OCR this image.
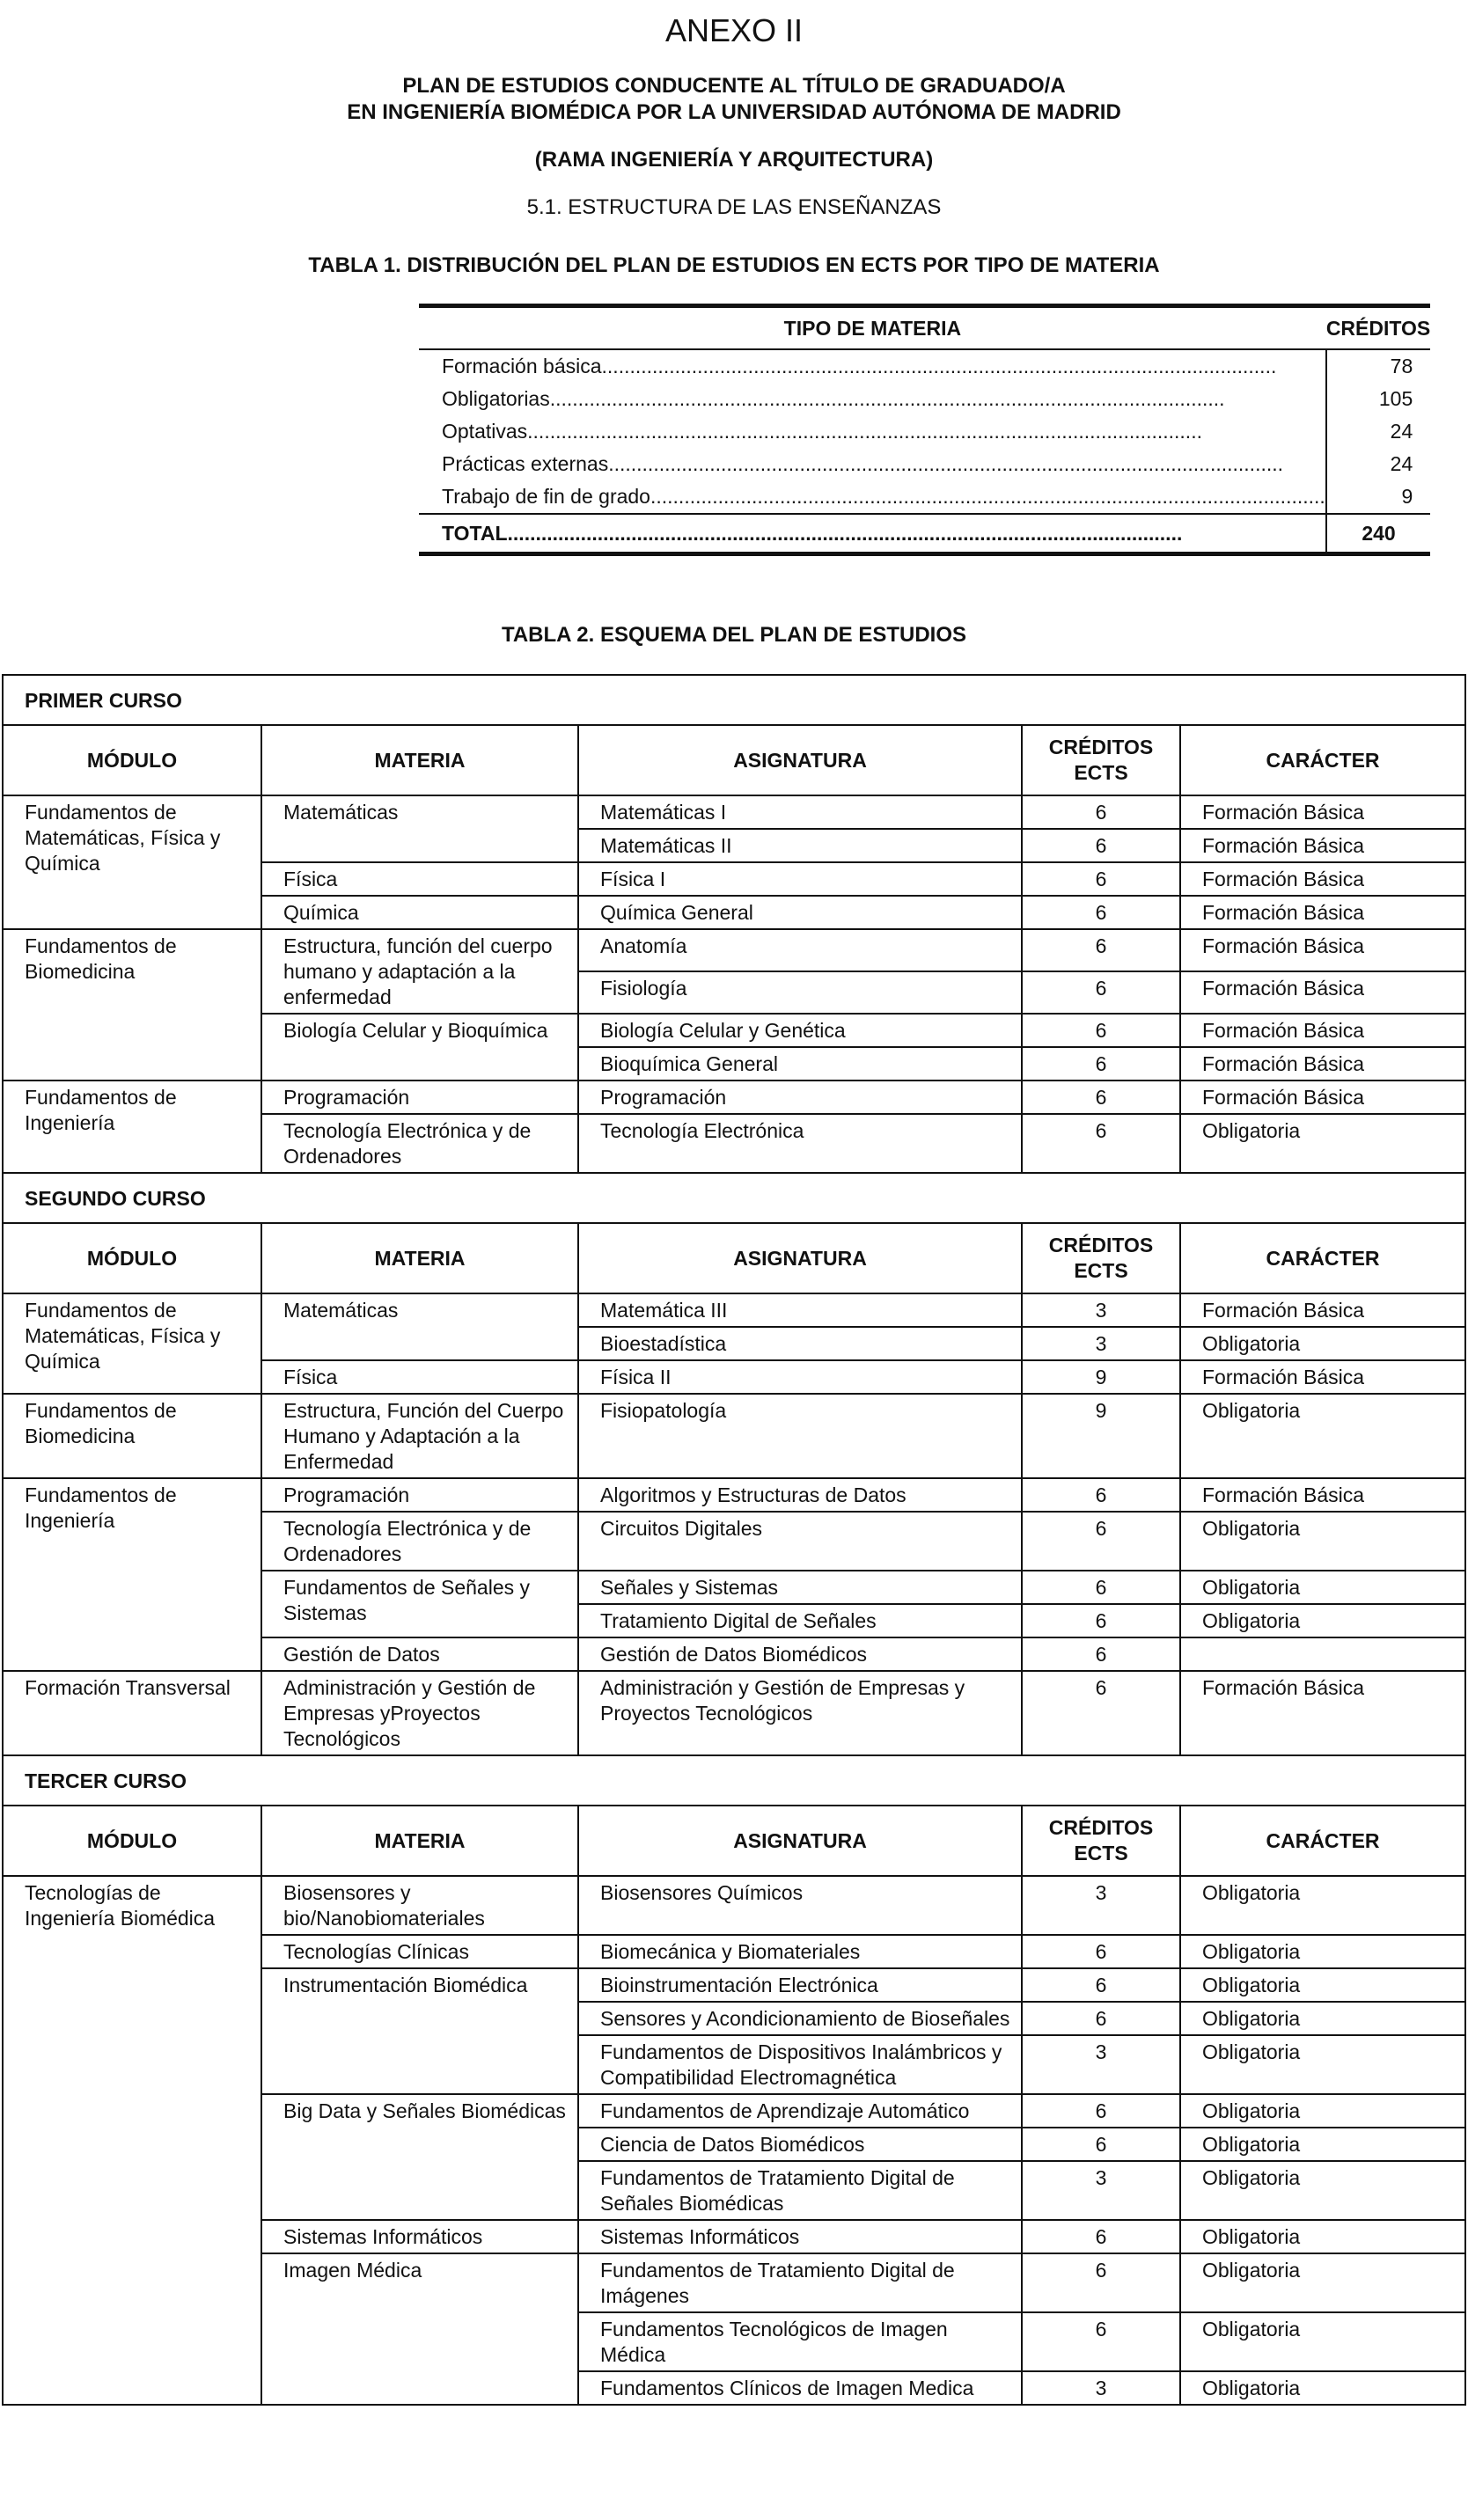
ANEXO II
PLAN DE ESTUDIOS CONDUCENTE AL TÍTULO DE GRADUADO/A
EN INGENIERÍA BIOMÉDICA POR LA UNIVERSIDAD AUTÓNOMA DE MADRID
(RAMA INGENIERÍA Y ARQUITECTURA)
5.1. ESTRUCTURA DE LAS ENSEÑANZAS
TABLA 1. DISTRIBUCIÓN DEL PLAN DE ESTUDIOS EN ECTS POR TIPO DE MATERIA
TIPO DE MATERIA	CRÉDITOS
Formación básica .....	78
Obligatorias .....	105
Optativas .....	24
Prácticas externas .....	24
Trabajo de fin de grado .....	9
TOTAL .....	240
TABLA 2. ESQUEMA DEL PLAN DE ESTUDIOS
PRIMER CURSO				
MÓDULO	MATERIA	ASIGNATURA	CRÉDITOS ECTS	CARÁCTER
Fundamentos de Matemáticas, Física y Química	Matemáticas	Matemáticas I	6	Formación Básica
		Matemáticas II	6	Formación Básica
	Física	Física I	6	Formación Básica
	Química	Química General	6	Formación Básica
Fundamentos de Biomedicina	Estructura, función del cuerpo humano y adaptación a la enfermedad	Anatomía	6	Formación Básica
		Fisiología	6	Formación Básica
	Biología Celular y Bioquímica	Biología Celular y Genética	6	Formación Básica
		Bioquímica General	6	Formación Básica
Fundamentos de Ingeniería	Programación	Programación	6	Formación Básica
	Tecnología Electrónica y de Ordenadores	Tecnología Electrónica	6	Obligatoria
SEGUNDO CURSO				
MÓDULO	MATERIA	ASIGNATURA	CRÉDITOS ECTS	CARÁCTER
Fundamentos de Matemáticas, Física y Química	Matemáticas	Matemática III	3	Formación Básica
		Bioestadística	3	Obligatoria
	Física	Física II	9	Formación Básica
Fundamentos de Biomedicina	Estructura, Función del Cuerpo Humano y Adaptación a la Enfermedad	Fisiopatología	9	Obligatoria
Fundamentos de Ingeniería	Programación	Algoritmos y Estructuras de Datos	6	Formación Básica
	Tecnología Electrónica y de Ordenadores	Circuitos Digitales	6	Obligatoria
	Fundamentos de Señales y Sistemas	Señales y Sistemas	6	Obligatoria
		Tratamiento Digital de Señales	6	Obligatoria
	Gestión de Datos	Gestión de Datos Biomédicos	6	
Formación Transversal	Administración y Gestión de Empresas yProyectos Tecnológicos	Administración y Gestión de Empresas y Proyectos Tecnológicos	6	Formación Básica
TERCER CURSO				
MÓDULO	MATERIA	ASIGNATURA	CRÉDITOS ECTS	CARÁCTER
Tecnologías de Ingeniería Biomédica	Biosensores y bio/Nanobiomateriales	Biosensores Químicos	3	Obligatoria
	Tecnologías Clínicas	Biomecánica y Biomateriales	6	Obligatoria
	Instrumentación Biomédica	Bioinstrumentación Electrónica	6	Obligatoria
		Sensores y Acondicionamiento de Bioseñales	6	Obligatoria
		Fundamentos de Dispositivos Inalámbricos y Compatibilidad Electromagnética	3	Obligatoria
	Big Data y Señales Biomédicas	Fundamentos de Aprendizaje Automático	6	Obligatoria
		Ciencia de Datos Biomédicos	6	Obligatoria
		Fundamentos de Tratamiento Digital de Señales Biomédicas	3	Obligatoria
	Sistemas Informáticos	Sistemas Informáticos	6	Obligatoria
	Imagen Médica	Fundamentos de Tratamiento Digital de Imágenes	6	Obligatoria
		Fundamentos Tecnológicos de Imagen Médica	6	Obligatoria
		Fundamentos Clínicos de Imagen Medica	3	Obligatoria
